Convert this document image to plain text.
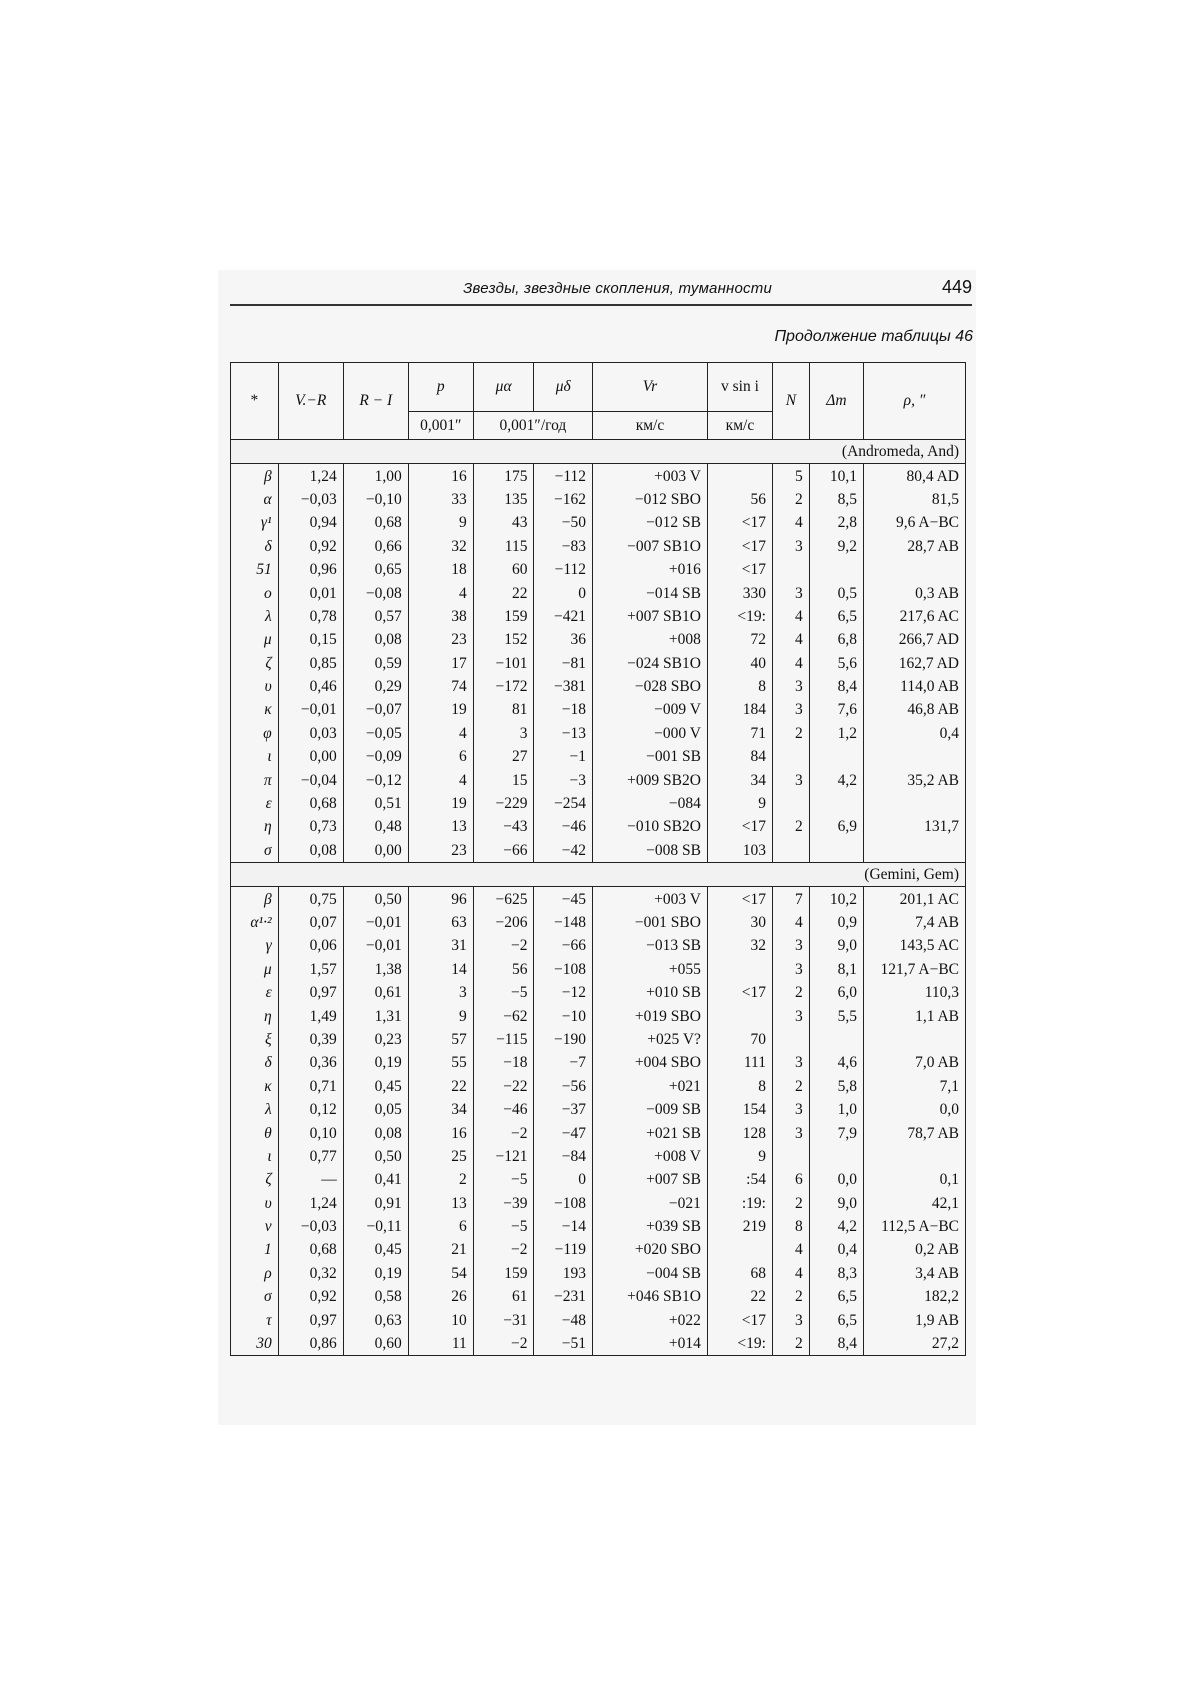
Звезды, звездные скопления, туманности	449
Продолжение таблицы 46
*	V.−R	R − I	p	μα	μδ	Vr	v sin i	N	Δm	ρ, ″
			0,001″	0,001″/год		км/с	км/с			
(Andromeda, And)										
β	1,24	1,00	16	175	−112	+003 V		5	10,1	80,4 AD
α	−0,03	−0,10	33	135	−162	−012 SBO	56	2	8,5	81,5
γ¹	0,94	0,68	9	43	−50	−012 SB	<17	4	2,8	9,6 A−BC
δ	0,92	0,66	32	115	−83	−007 SB1O	<17	3	9,2	28,7 AB
51	0,96	0,65	18	60	−112	+016	<17			
ο	0,01	−0,08	4	22	0	−014 SB	330	3	0,5	0,3 AB
λ	0,78	0,57	38	159	−421	+007 SB1O	<19:	4	6,5	217,6 AC
μ	0,15	0,08	23	152	36	+008	72	4	6,8	266,7 AD
ζ	0,85	0,59	17	−101	−81	−024 SB1O	40	4	5,6	162,7 AD
υ	0,46	0,29	74	−172	−381	−028 SBO	8	3	8,4	114,0 AB
κ	−0,01	−0,07	19	81	−18	−009 V	184	3	7,6	46,8 AB
φ	0,03	−0,05	4	3	−13	−000 V	71	2	1,2	0,4
ι	0,00	−0,09	6	27	−1	−001 SB	84			
π	−0,04	−0,12	4	15	−3	+009 SB2O	34	3	4,2	35,2 AB
ε	0,68	0,51	19	−229	−254	−084	9			
η	0,73	0,48	13	−43	−46	−010 SB2O	<17	2	6,9	131,7
σ	0,08	0,00	23	−66	−42	−008 SB	103			
(Gemini, Gem)										
β	0,75	0,50	96	−625	−45	+003 V	<17	7	10,2	201,1 AC
α¹·²	0,07	−0,01	63	−206	−148	−001 SBO	30	4	0,9	7,4 AB
γ	0,06	−0,01	31	−2	−66	−013 SB	32	3	9,0	143,5 AC
μ	1,57	1,38	14	56	−108	+055		3	8,1	121,7 A−BC
ε	0,97	0,61	3	−5	−12	+010 SB	<17	2	6,0	110,3
η	1,49	1,31	9	−62	−10	+019 SBO		3	5,5	1,1 AB
ξ	0,39	0,23	57	−115	−190	+025 V?	70			
δ	0,36	0,19	55	−18	−7	+004 SBO	111	3	4,6	7,0 AB
κ	0,71	0,45	22	−22	−56	+021	8	2	5,8	7,1
λ	0,12	0,05	34	−46	−37	−009 SB	154	3	1,0	0,0
θ	0,10	0,08	16	−2	−47	+021 SB	128	3	7,9	78,7 AB
ι	0,77	0,50	25	−121	−84	+008 V	9			
ζ	—	0,41	2	−5	0	+007 SB	:54	6	0,0	0,1
υ	1,24	0,91	13	−39	−108	−021	:19:	2	9,0	42,1
ν	−0,03	−0,11	6	−5	−14	+039 SB	219	8	4,2	112,5 A−BC
1	0,68	0,45	21	−2	−119	+020 SBO		4	0,4	0,2 AB
ρ	0,32	0,19	54	159	193	−004 SB	68	4	8,3	3,4 AB
σ	0,92	0,58	26	61	−231	+046 SB1O	22	2	6,5	182,2
τ	0,97	0,63	10	−31	−48	+022	<17	3	6,5	1,9 AB
30	0,86	0,60	11	−2	−51	+014	<19:	2	8,4	27,2
